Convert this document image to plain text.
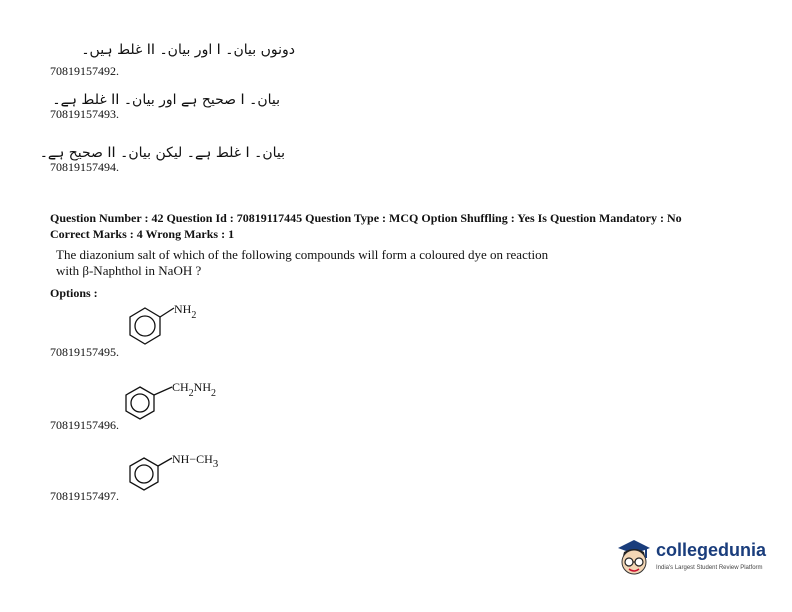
دونوں بیان۔ I اور بیان۔ II غلط ہیں۔
70819157492.
بیان۔ I صحیح ہے اور بیان۔ II غلط ہے۔
70819157493.
بیان۔ I غلط ہے۔ لیکن بیان۔ II صحیح ہے۔
70819157494.
Question Number : 42 Question Id : 70819117445 Question Type : MCQ Option Shuffling : Yes Is Question Mandatory : No
Correct Marks : 4 Wrong Marks : 1
The diazonium salt of which of the following compounds will form a coloured dye on reaction
with β-Naphthol in NaOH ?
Options :
$NH_2$
70819157495.
$CH_2NH_2$
70819157496.
NH−CH3
70819157497.
collegedunia
India's Largest Student Review Platform
